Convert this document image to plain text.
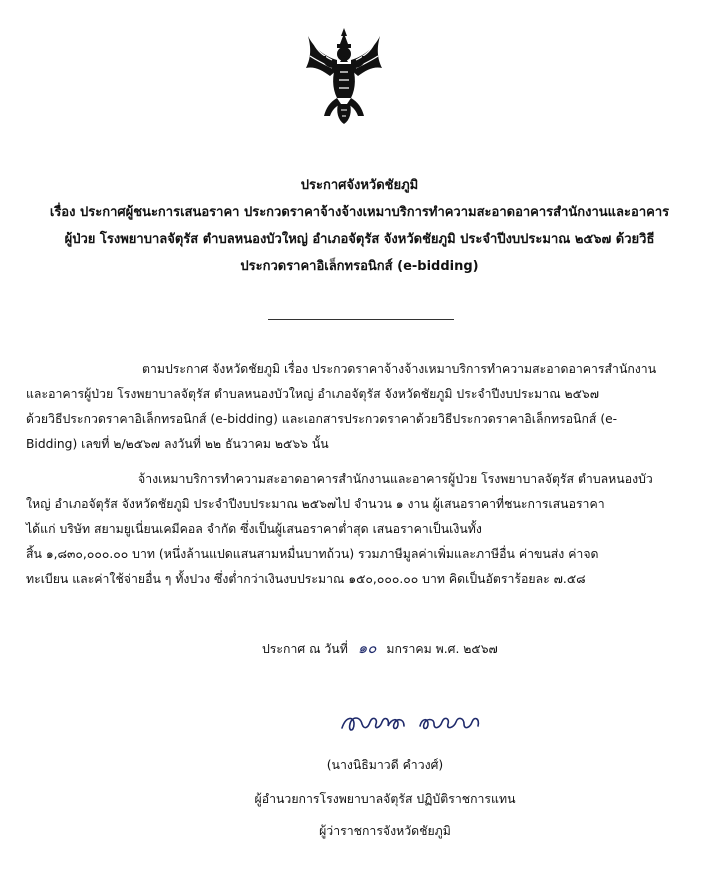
ประกาศจังหวัดชัยภูมิ
เรื่อง ประกาศผู้ชนะการเสนอราคา ประกวดราคาจ้างจ้างเหมาบริการทำความสะอาดอาคารสำนักงานและอาคาร
ผู้ป่วย โรงพยาบาลจัตุรัส ตำบลหนองบัวใหญ่ อำเภอจัตุรัส จังหวัดชัยภูมิ ประจำปีงบประมาณ ๒๕๖๗ ด้วยวิธี
ประกวดราคาอิเล็กทรอนิกส์ (e-bidding)
ตามประกาศ จังหวัดชัยภูมิ เรื่อง ประกวดราคาจ้างจ้างเหมาบริการทำความสะอาดอาคารสำนักงาน
และอาคารผู้ป่วย โรงพยาบาลจัตุรัส ตำบลหนองบัวใหญ่ อำเภอจัตุรัส จังหวัดชัยภูมิ ประจำปีงบประมาณ ๒๕๖๗
ด้วยวิธีประกวดราคาอิเล็กทรอนิกส์ (e-bidding) และเอกสารประกวดราคาด้วยวิธีประกวดราคาอิเล็กทรอนิกส์ (e-
Bidding) เลขที่ ๒/๒๕๖๗ ลงวันที่ ๒๒ ธันวาคม ๒๕๖๖ นั้น
จ้างเหมาบริการทำความสะอาดอาคารสำนักงานและอาคารผู้ป่วย โรงพยาบาลจัตุรัส ตำบลหนองบัว
ใหญ่ อำเภอจัตุรัส จังหวัดชัยภูมิ ประจำปีงบประมาณ ๒๕๖๗ไป จำนวน ๑ งาน ผู้เสนอราคาที่ชนะการเสนอราคา
ได้แก่ บริษัท สยามยูเนี่ยนเคมีคอล จำกัด ซึ่งเป็นผู้เสนอราคาต่ำสุด เสนอราคาเป็นเงินทั้ง
สิ้น ๑,๘๓๐,๐๐๐.๐๐ บาท (หนึ่งล้านแปดแสนสามหมื่นบาทถ้วน) รวมภาษีมูลค่าเพิ่มและภาษีอื่น ค่าขนส่ง ค่าจด
ทะเบียน และค่าใช้จ่ายอื่น ๆ ทั้งปวง ซึ่งต่ำกว่าเงินงบประมาณ ๑๕๐,๐๐๐.๐๐ บาท คิดเป็นอัตราร้อยละ ๗.๕๘
ประกาศ ณ วันที่ ๑๐ มกราคม พ.ศ. ๒๕๖๗
(นางนิธิมาวดี คำวงศ์)
ผู้อำนวยการโรงพยาบาลจัตุรัส ปฏิบัติราชการแทน
ผู้ว่าราชการจังหวัดชัยภูมิ
